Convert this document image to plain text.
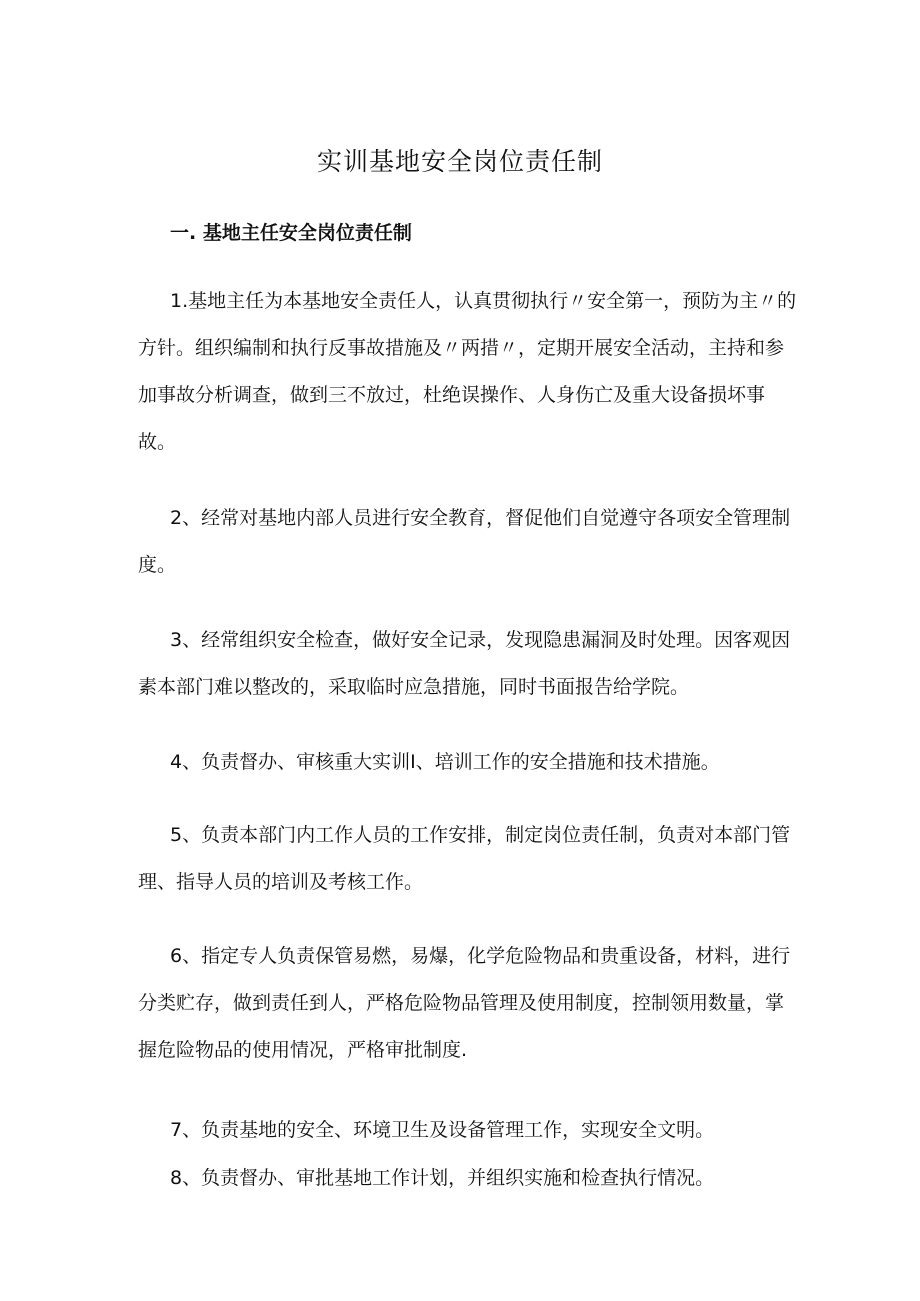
实训基地安全岗位责任制
一. 基地主任安全岗位责任制

1.基地主任为本基地安全责任人，认真贯彻执行〃安全第一，预防为主〃的方针。组织编制和执行反事故措施及〃两措〃，定期开展安全活动，主持和参加事故分析调查，做到三不放过，杜绝误操作、人身伤亡及重大设备损坏事故。

2、经常对基地内部人员进行安全教育，督促他们自觉遵守各项安全管理制度。

3、经常组织安全检查，做好安全记录，发现隐患漏洞及时处理。因客观因素本部门难以整改的，采取临时应急措施，同时书面报告给学院。

4、负责督办、审核重大实训I、培训工作的安全措施和技术措施。

5、负责本部门内工作人员的工作安排，制定岗位责任制，负责对本部门管理、指导人员的培训及考核工作。

6、指定专人负责保管易燃，易爆，化学危险物品和贵重设备，材料，进行分类贮存，做到责任到人，严格危险物品管理及使用制度，控制领用数量，掌握危险物品的使用情况，严格审批制度.

7、负责基地的安全、环境卫生及设备管理工作，实现安全文明。

8、负责督办、审批基地工作计划，并组织实施和检查执行情况。
